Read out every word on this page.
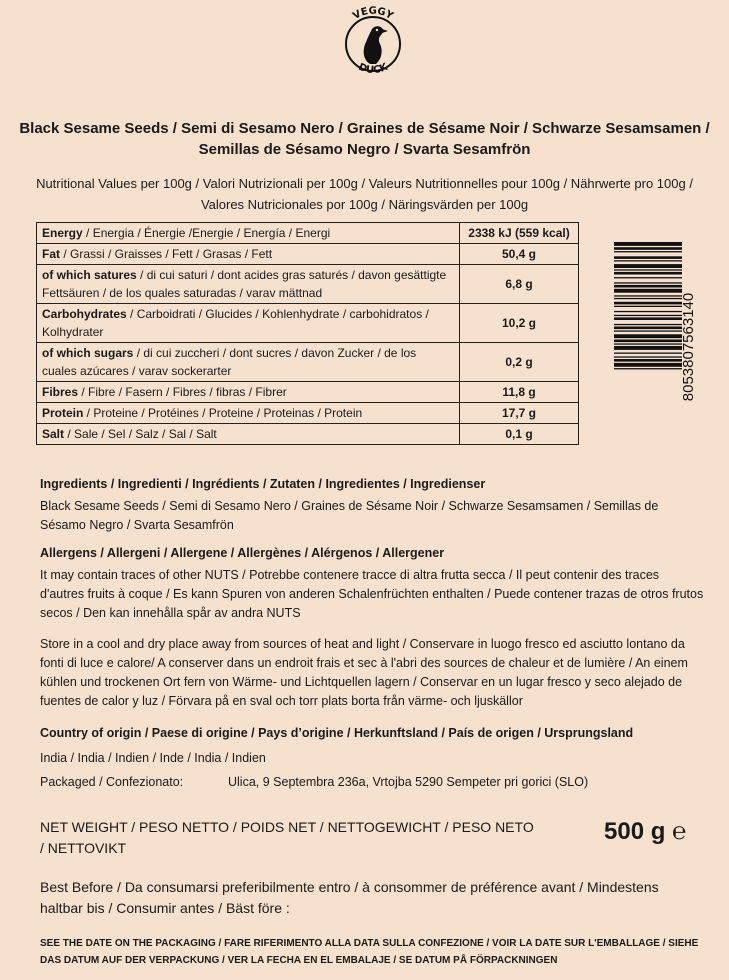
VEGGY
DUCK
Black Sesame Seeds / Semi di Sesamo Nero / Graines de Sésame Noir / Schwarze Sesamsamen /
Semillas de Sésamo Negro / Svarta Sesamfrön
Nutritional Values per 100g / Valori Nutrizionali per 100g / Valeurs Nutritionnelles pour 100g / Nährwerte pro 100g /
Valores Nutricionales por 100g / Näringsvärden per 100g
Energy / Energia / Énergie /Energie / Energía / Energi	2338 kJ (559 kcal)
Fat / Grassi / Graisses / Fett / Grasas / Fett	50,4 g
of which satures / di cui saturi / dont acides gras saturés / davon gesättigte Fettsäuren / de los quales saturadas / varav mättnad	6,8 g
Carbohydrates / Carboidrati / Glucides / Kohlenhydrate / carbohidratos / Kolhydrater	10,2 g
of which sugars / di cui zuccheri / dont sucres / davon Zucker / de los cuales azúcares / varav sockerarter	0,2 g
Fibres / Fibre / Fasern / Fibres / fibras / Fibrer	11,8 g
Protein / Proteine / Protéines / Proteine / Proteinas / Protein	17,7 g
Salt / Sale / Sel / Salz / Sal / Salt	0,1 g
8053807563140
Ingredients / Ingredienti / Ingrédients / Zutaten / Ingredientes / Ingredienser
Black Sesame Seeds / Semi di Sesamo Nero / Graines de Sésame Noir / Schwarze Sesamsamen / Semillas de Sésamo Negro / Svarta Sesamfrön
Allergens / Allergeni / Allergene / Allergènes / Alérgenos / Allergener
It may contain traces of other NUTS / Potrebbe contenere tracce di altra frutta secca / Il peut contenir des traces d'autres fruits à coque / Es kann Spuren von anderen Schalenfrüchten enthalten / Puede contener trazas de otros frutos secos / Den kan innehålla spår av andra NUTS
Store in a cool and dry place away from sources of heat and light / Conservare in luogo fresco ed asciutto lontano da fonti di luce e calore/ A conserver dans un endroit frais et sec à l'abri des sources de chaleur et de lumière / An einem kühlen und trockenen Ort fern von Wärme- und Lichtquellen lagern / Conservar en un lugar fresco y seco alejado de fuentes de calor y luz / Förvara på en sval och torr plats borta från värme- och ljuskällor
Country of origin / Paese di origine / Pays d’origine / Herkunftsland / País de origen / Ursprungsland
India / India / Indien / Inde / India / Indien
Packaged / Confezionato:	Ulica, 9 Septembra 236a, Vrtojba 5290 Sempeter pri gorici (SLO)
NET WEIGHT / PESO NETTO / POIDS NET / NETTOGEWICHT / PESO NETO / NETTOVIKT
500 g ℮
Best Before / Da consumarsi preferibilmente entro / à consommer de préférence avant / Mindestens haltbar bis / Consumir antes / Bäst före :
SEE THE DATE ON THE PACKAGING / FARE RIFERIMENTO ALLA DATA SULLA CONFEZIONE / VOIR LA DATE SUR L'EMBALLAGE / SIEHE DAS DATUM AUF DER VERPACKUNG / VER LA FECHA EN EL EMBALAJE / SE DATUM PÅ FÖRPACKNINGEN
